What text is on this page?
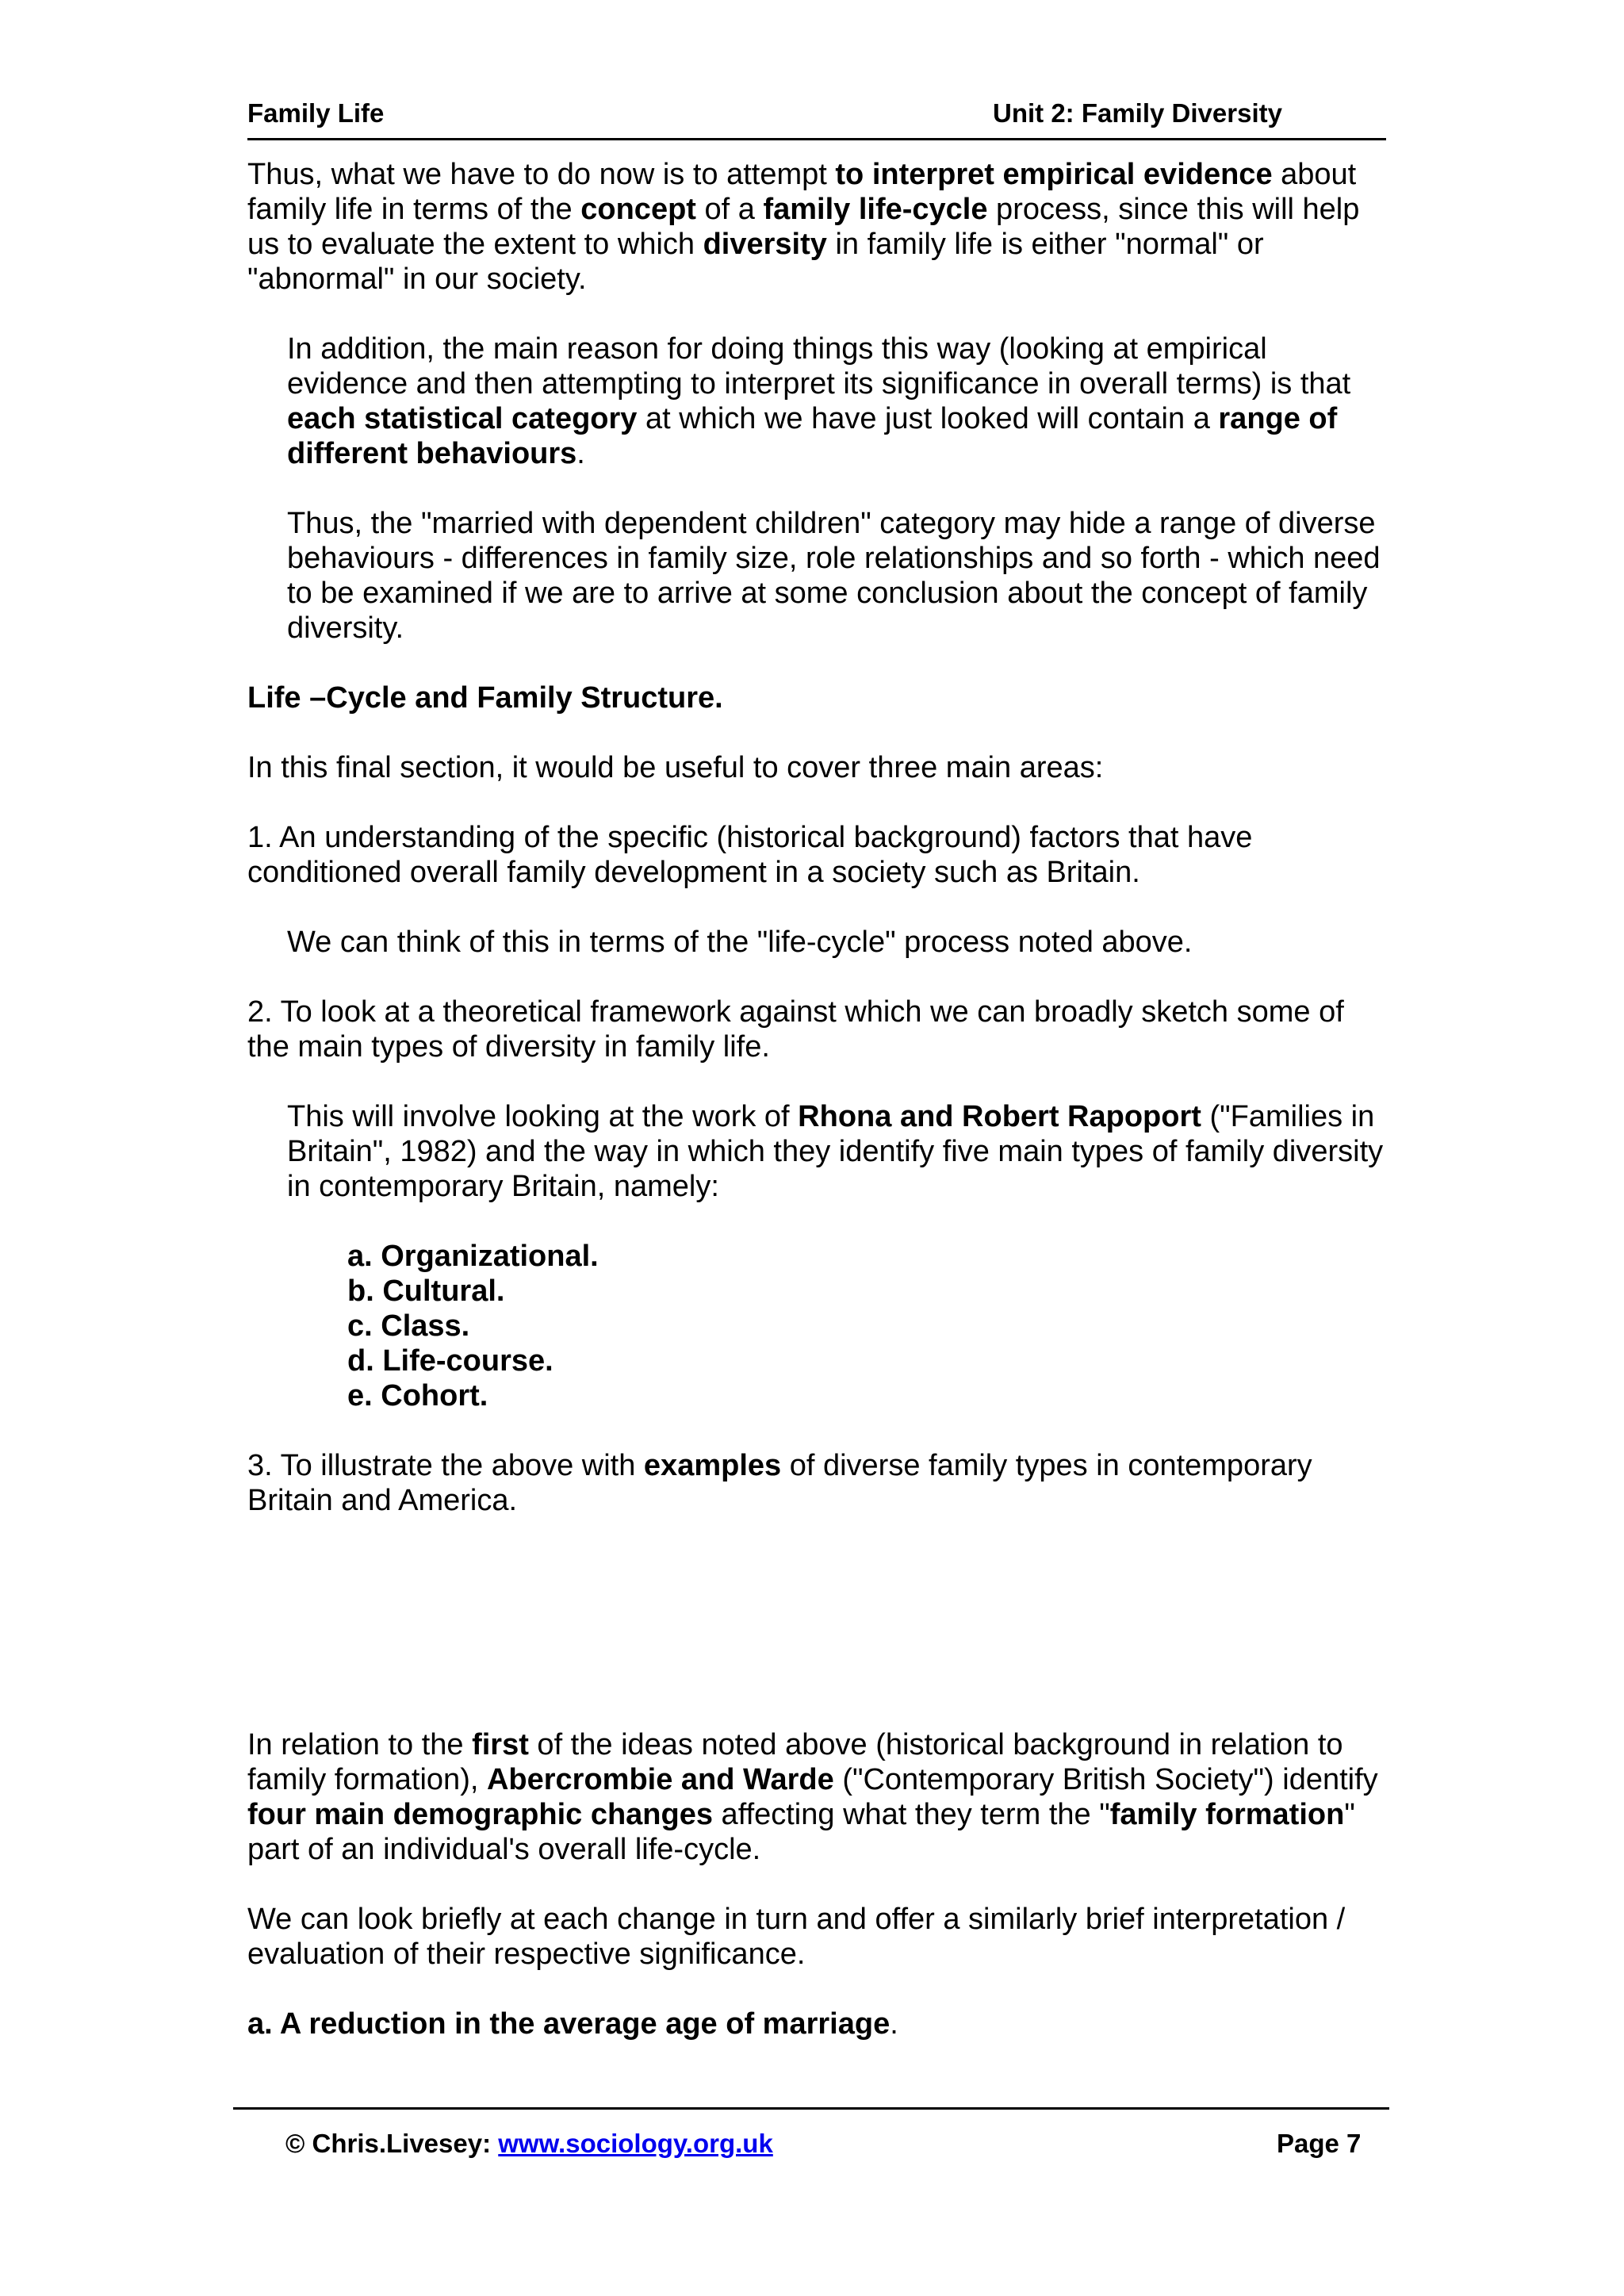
Family Life	Unit 2: Family Diversity

Thus, what we have to do now is to attempt to interpret empirical evidence about family life in terms of the concept of a family life-cycle process, since this will help us to evaluate the extent to which diversity in family life is either "normal" or "abnormal" in our society.

In addition, the main reason for doing things this way (looking at empirical evidence and then attempting to interpret its significance in overall terms) is that each statistical category at which we have just looked will contain a range of different behaviours.

Thus, the "married with dependent children" category may hide a range of diverse behaviours - differences in family size, role relationships and so forth - which need to be examined if we are to arrive at some conclusion about the concept of family diversity.

Life –Cycle and Family Structure.

In this final section, it would be useful to cover three main areas:

1. An understanding of the specific (historical background) factors that have conditioned overall family development in a society such as Britain.

We can think of this in terms of the "life-cycle" process noted above.

2. To look at a theoretical framework against which we can broadly sketch some of the main types of diversity in family life.

This will involve looking at the work of Rhona and Robert Rapoport ("Families in Britain", 1982) and the way in which they identify five main types of family diversity in contemporary Britain, namely:

a. Organizational.
b. Cultural.
c. Class.
d. Life-course.
e. Cohort.

3. To illustrate the above with examples of diverse family types in contemporary Britain and America.

In relation to the first of the ideas noted above (historical background in relation to family formation), Abercrombie and Warde ("Contemporary British Society") identify four main demographic changes affecting what they term the "family formation" part of an individual's overall life-cycle.

We can look briefly at each change in turn and offer a similarly brief interpretation / evaluation of their respective significance.

a. A reduction in the average age of marriage.

© Chris.Livesey: www.sociology.org.uk	Page 7
